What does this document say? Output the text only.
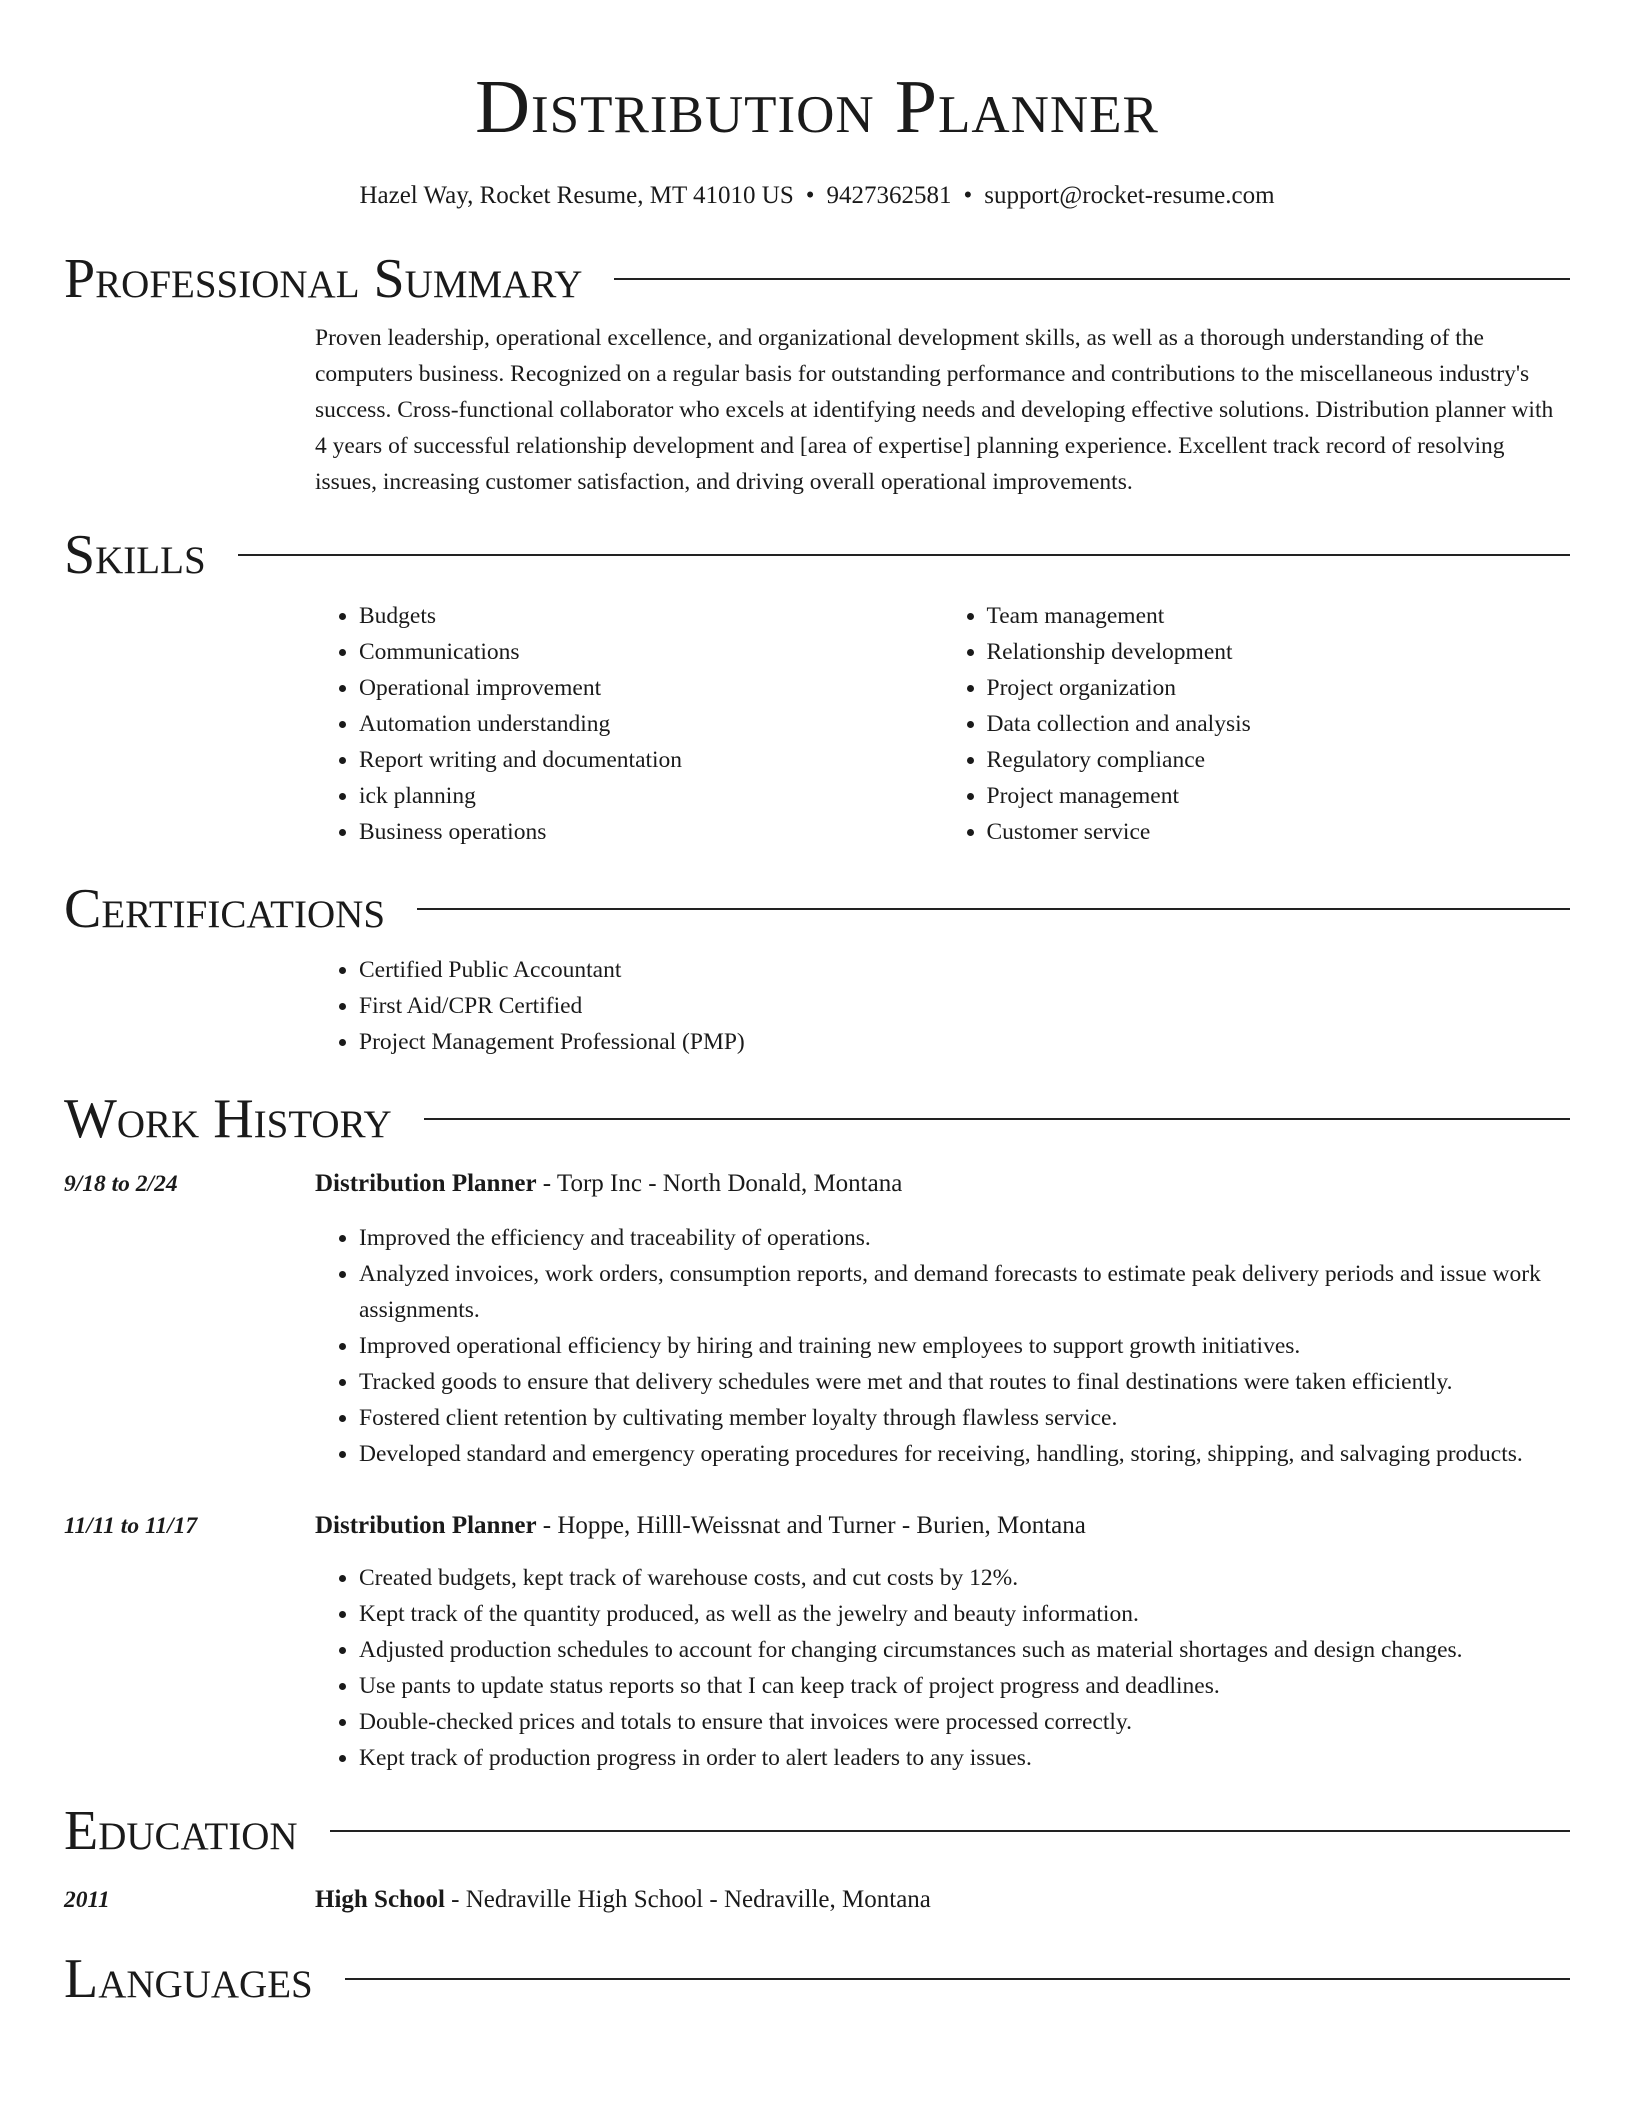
Distribution Planner
Hazel Way, Rocket Resume, MT 41010 US • 9427362581 • support@rocket-resume.com
Professional Summary

Proven leadership, operational excellence, and organizational development skills, as well as a thorough understanding of the computers business. Recognized on a regular basis for outstanding performance and contributions to the miscellaneous industry's success. Cross-functional collaborator who excels at identifying needs and developing effective solutions. Distribution planner with 4 years of successful relationship development and [area of expertise] planning experience. Excellent track record of resolving issues, increasing customer satisfaction, and driving overall operational improvements.

Skills
• Budgets
• Communications
• Operational improvement
• Automation understanding
• Report writing and documentation
• ick planning
• Business operations
• Team management
• Relationship development
• Project organization
• Data collection and analysis
• Regulatory compliance
• Project management
• Customer service
Certifications
• Certified Public Accountant
• First Aid/CPR Certified
• Project Management Professional (PMP)
Work History
9/18 to 2/24	Distribution Planner - Torp Inc - North Donald, Montana
• Improved the efficiency and traceability of operations.
• Analyzed invoices, work orders, consumption reports, and demand forecasts to estimate peak delivery periods and issue work assignments.
• Improved operational efficiency by hiring and training new employees to support growth initiatives.
• Tracked goods to ensure that delivery schedules were met and that routes to final destinations were taken efficiently.
• Fostered client retention by cultivating member loyalty through flawless service.
• Developed standard and emergency operating procedures for receiving, handling, storing, shipping, and salvaging products.
11/11 to 11/17	Distribution Planner - Hoppe, Hilll-Weissnat and Turner - Burien, Montana
• Created budgets, kept track of warehouse costs, and cut costs by 12%.
• Kept track of the quantity produced, as well as the jewelry and beauty information.
• Adjusted production schedules to account for changing circumstances such as material shortages and design changes.
• Use pants to update status reports so that I can keep track of project progress and deadlines.
• Double-checked prices and totals to ensure that invoices were processed correctly.
• Kept track of production progress in order to alert leaders to any issues.
Education
2011	High School - Nedraville High School - Nedraville, Montana
Languages
